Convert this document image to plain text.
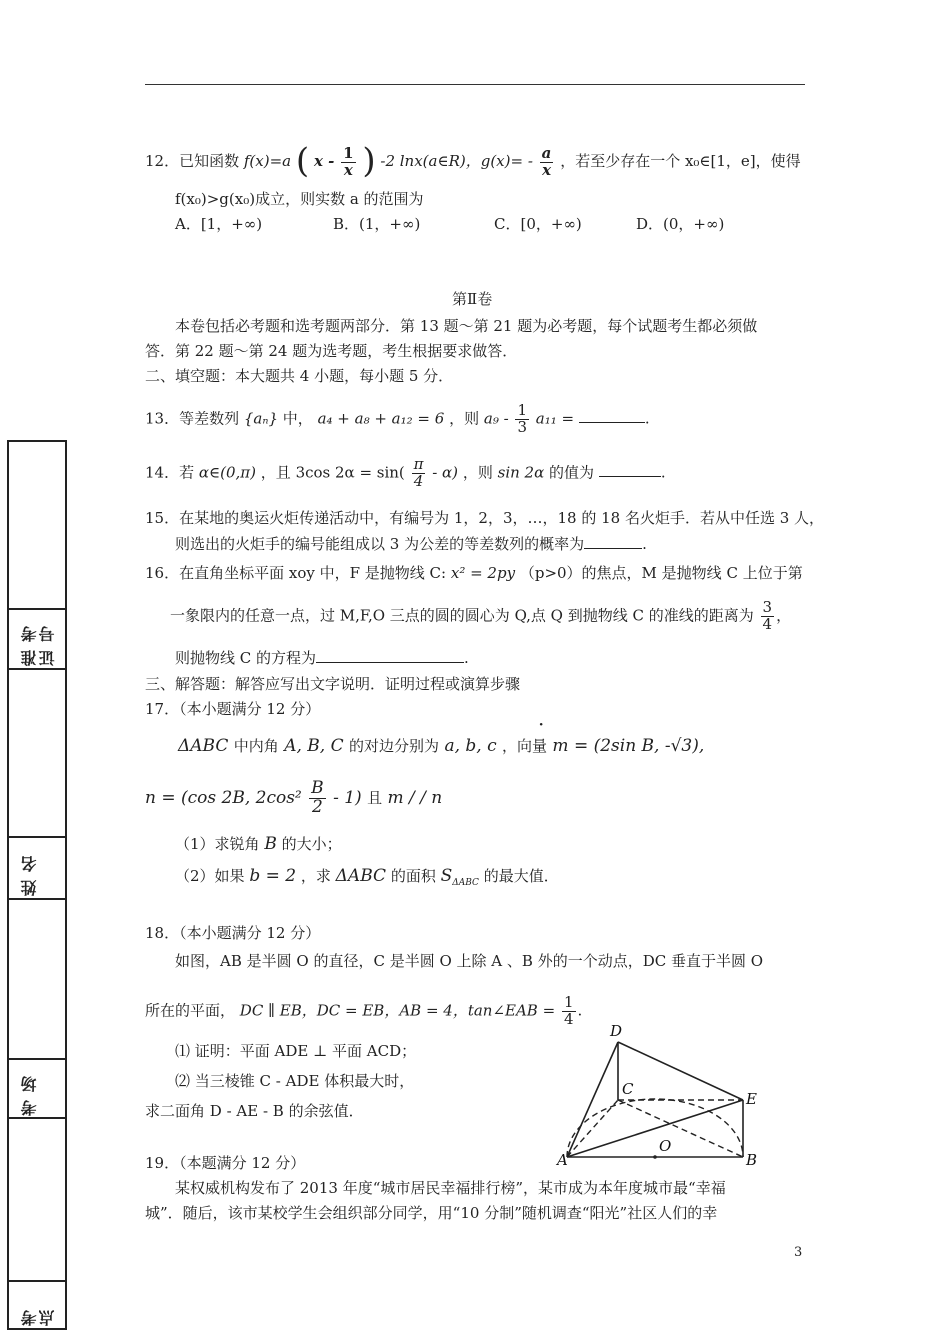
12．已知函数 f(x)=a ( x - $\frac{1}{x}$ ) -2 lnx(a∈R)，$g(x)= - \frac{a}{x}$ ，若至少存在一个 x₀∈[1，e]，使得
f(x₀)>g(x₀)成立，则实数 a 的范围为
A．[1，+∞)	B．(1，+∞)	C．[0，+∞)	D．(0，+∞)
第Ⅱ卷
本卷包括必考题和选考题两部分．第 13 题～第 21 题为必考题，每个试题考生都必须做
答．第 22 题～第 24 题为选考题，考生根据要求做答．
二、填空题：本大题共 4 小题，每小题 5 分．
13．等差数列 {aₙ} 中， a₄ + a₈ + a₁₂ = 6 ，则 $a_9 - \frac{1}{3} a_{11}$ =	.
14．若 α∈(0,π) ，且 3cos $2\alpha = \sin( \frac{\pi}{4} - \alpha)$ ，则 sin 2α 的值为	.
15．在某地的奥运火炬传递活动中，有编号为 1，2，3，…，18 的 18 名火炬手．若从中任选 3 人，
则选出的火炬手的编号能组成以 3 为公差的等差数列的概率为	.
16．在直角坐标平面 xoy 中，F 是抛物线 C: x² = 2py （p>0）的焦点，M 是抛物线 C 上位于第
一象限内的任意一点，过 M,F,O 三点的圆的圆心为 Q,点 Q 到抛物线 C 的准线的距离为 $\frac{3}{4}$ ，
则抛物线 C 的方程为	.
三、解答题：解答应写出文字说明．证明过程或演算步骤
17．（本小题满分 12 分）
·
ΔABC 中内角 A, B, C 的对边分别为 a, b, c ，向量 m = (2sin B, -√3),
n = (cos 2B, $2\cos^2 \frac{B}{2} - 1$) 且 m / / n
（1）求锐角 B 的大小；
（2）如果 b = 2 ，求 ΔABC 的面积 $S_{\Delta ABC}$ 的最大值．
18．（本小题满分 12 分）
如图，AB 是半圆 O 的直径，C 是半圆 O 上除 A 、B 外的一个动点，DC 垂直于半圆 O
所在的平面， DC ∥ EB，DC = EB，AB = 4，tan∠EAB = $\frac{1}{4}$ .
⑴ 证明：平面 ADE ⊥ 平面 ACD；
⑵ 当三棱锥 C - ADE 体积最大时，
求二面角 D - AE - B 的余弦值．
D
C
E
O
A	B
19．（本题满分 12 分）
某权威机构发布了 2013 年度“城市居民幸福排行榜”，某市成为本年度城市最“幸福
城”．随后，该市某校学生会组织部分同学，用“10 分制”随机调查“阳光”社区人们的幸
3
准考证号
姓名
考场
考点
